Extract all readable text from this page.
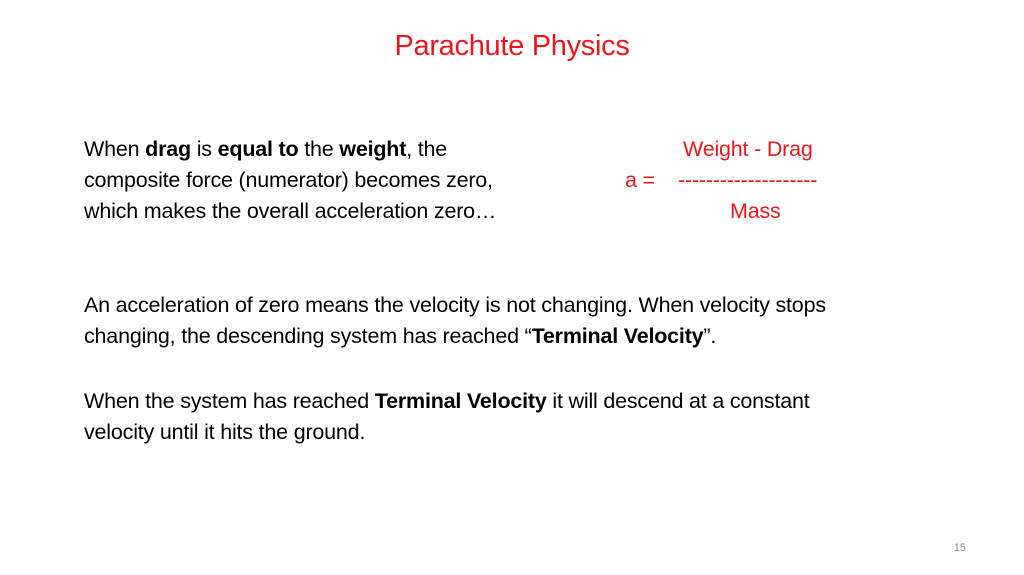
Parachute Physics

When drag is equal to the weight, the
composite force (numerator) becomes zero,
which makes the overall acceleration zero…

Weight - Drag
a = --------------------
Mass

An acceleration of zero means the velocity is not changing. When velocity stops
changing, the descending system has reached “Terminal Velocity”.

When the system has reached Terminal Velocity it will descend at a constant
velocity until it hits the ground.

15
